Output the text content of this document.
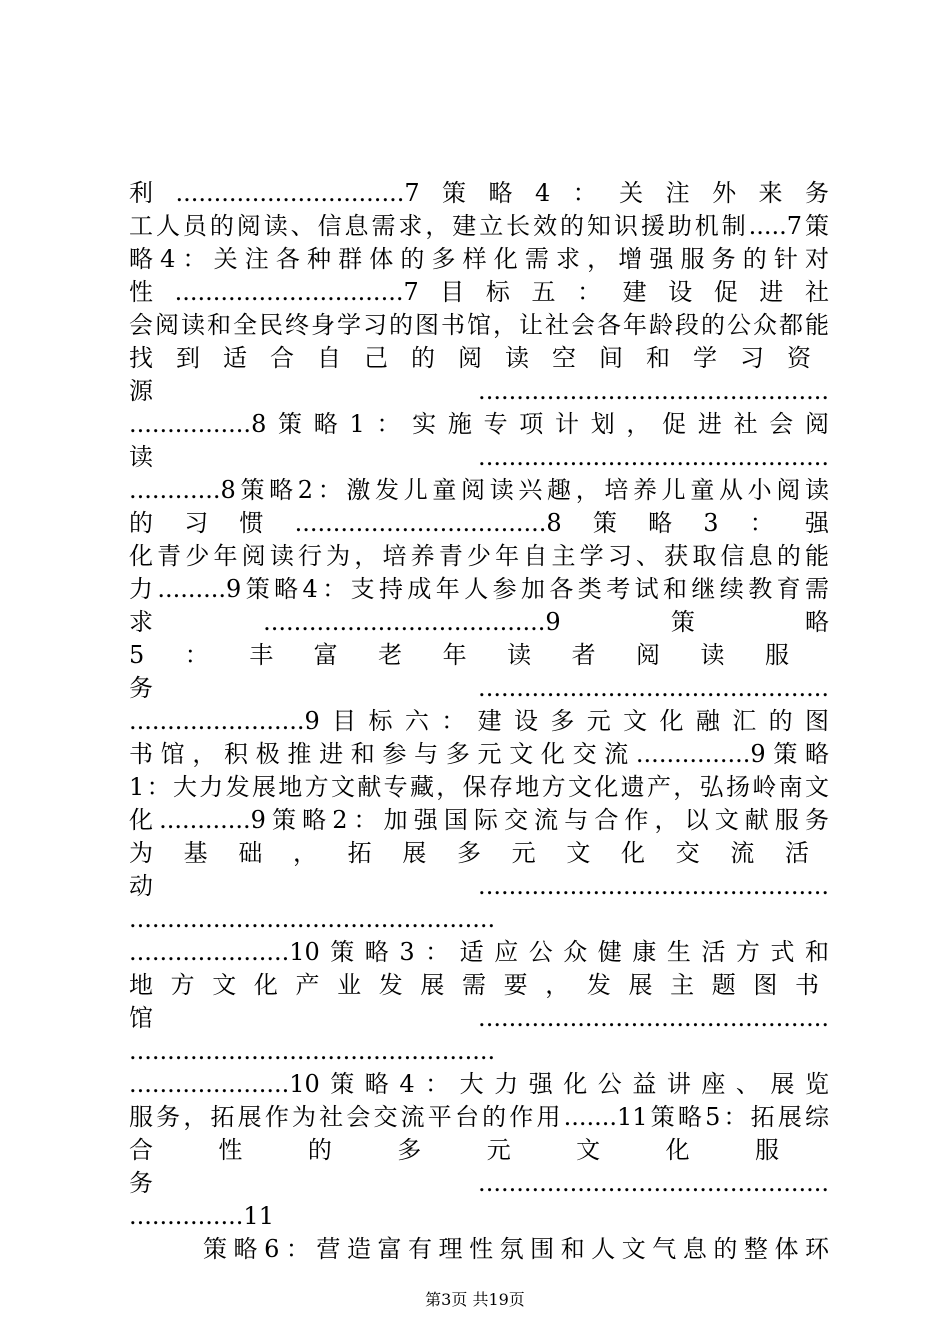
利..............................7策略4：关注外来务
工人员的阅读、信息需求，建立长效的知识援助机制.....7策
略4：关注各种群体的多样化需求，增强服务的针对
性..............................7目标五：建设促进社
会阅读和全民终身学习的图书馆，让社会各年龄段的公众都能
找到适合自己的阅读空间和学习资
源..............................................
................8策略1：实施专项计划，促进社会阅
读..............................................
............8策略2：激发儿童阅读兴趣，培养儿童从小阅读
的习惯.................................8策略3：强
化青少年阅读行为，培养青少年自主学习、获取信息的能
力.........9策略4：支持成年人参加各类考试和继续教育需
求.....................................9策略
5：丰富老年读者阅读服
务..............................................
.......................9目标六：建设多元文化融汇的图
书馆，积极推进和参与多元文化交流...............9策略
1：大力发展地方文献专藏，保存地方文化遗产，弘扬岭南文
化............9策略2：加强国际交流与合作，以文献服务
为基础，拓展多元文化交流活
动..............................................
................................................
.....................10策略3：适应公众健康生活方式和
地方文化产业发展需要，发展主题图书
馆..............................................
................................................
.....................10策略4：大力强化公益讲座、展览
服务，拓展作为社会交流平台的作用.......11策略5：拓展综
合性的多元文化服
务..............................................
...............11
策略6：营造富有理性氛围和人文气息的整体环
第3页 共19页
